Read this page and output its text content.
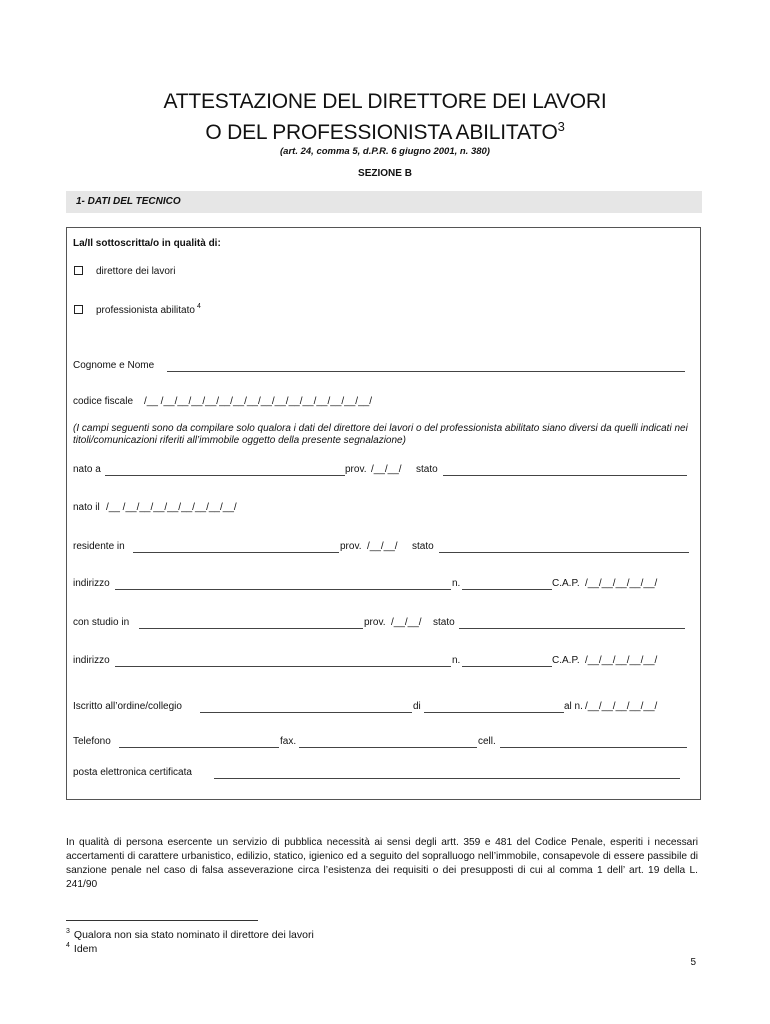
ATTESTAZIONE DEL DIRETTORE DEI LAVORI
O DEL PROFESSIONISTA ABILITATO$^3$
(art. 24, comma 5, d.P.R. 6 giugno 2001, n. 380)
SEZIONE B
1- DATI DEL TECNICO
La/Il sottoscritta/o in qualità di:
direttore dei lavori
professionista abilitato $^4$
Cognome e Nome
codice fiscale /__ /__/__/__/__/__/__/__/__/__/__/__/__/__/__/__/
(I campi seguenti sono da compilare solo qualora i dati del direttore dei lavori o del professionista abilitato siano diversi da quelli indicati nei titoli/comunicazioni riferiti all’immobile oggetto della presente segnalazione)
nato a	prov. /__/__/ stato
nato il /__ /__/__/__/__/__/__/__/__/
residente in	prov. /__/__/ stato
indirizzo	n.	C.A.P. /__/__/__/__/__/
con studio in	prov. /__/__/ stato
indirizzo	n.	C.A.P. /__/__/__/__/__/
Iscritto all’ordine/collegio	di	al n. /__/__/__/__/__/
Telefono	fax.	cell.
posta elettronica certificata
In qualità di persona esercente un servizio di pubblica necessità ai sensi degli artt. 359 e 481 del Codice Penale, esperiti i necessari accertamenti di carattere urbanistico, edilizio, statico, igienico ed a seguito del sopralluogo nell’immobile, consapevole di essere passibile di sanzione penale nel caso di falsa asseverazione circa l’esistenza dei requisiti o dei presupposti di cui al comma 1 dell’ art. 19 della L. 241/90
$^3$ Qualora non sia stato nominato il direttore dei lavori
$^4$ Idem
5
